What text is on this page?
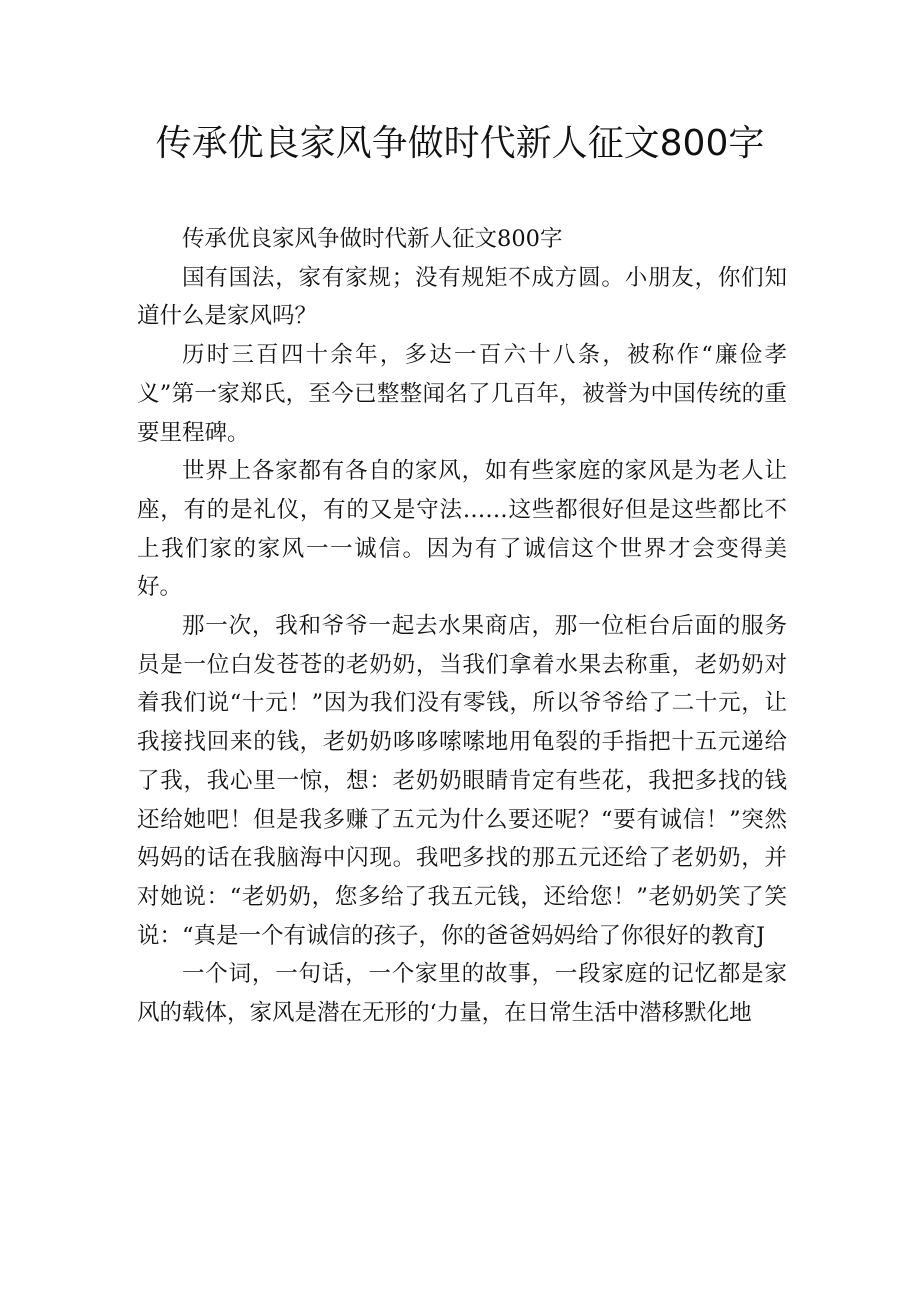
传承优良家风争做时代新人征文800字

传承优良家风争做时代新人征文800字

国有国法，家有家规；没有规矩不成方圆。小朋友，你们知道什么是家风吗？

历时三百四十余年，多达一百六十八条，被称作“廉俭孝义”第一家郑氏，至今已整整闻名了几百年，被誉为中国传统的重要里程碑。

世界上各家都有各自的家风，如有些家庭的家风是为老人让座，有的是礼仪，有的又是守法……这些都很好但是这些都比不上我们家的家风一一诚信。因为有了诚信这个世界才会变得美好。

那一次，我和爷爷一起去水果商店，那一位柜台后面的服务员是一位白发苍苍的老奶奶，当我们拿着水果去称重，老奶奶对着我们说“十元！”因为我们没有零钱，所以爷爷给了二十元，让我接找回来的钱，老奶奶哆哆嗦嗦地用龟裂的手指把十五元递给了我，我心里一惊，想：老奶奶眼睛肯定有些花，我把多找的钱还给她吧！但是我多赚了五元为什么要还呢？“要有诚信！”突然妈妈的话在我脑海中闪现。我吧多找的那五元还给了老奶奶，并对她说：“老奶奶，您多给了我五元钱，还给您！”老奶奶笑了笑说：“真是一个有诚信的孩子，你的爸爸妈妈给了你很好的教育J

一个词，一句话，一个家里的故事，一段家庭的记忆都是家风的载体，家风是潜在无形的‘力量，在日常生活中潜移默化地
